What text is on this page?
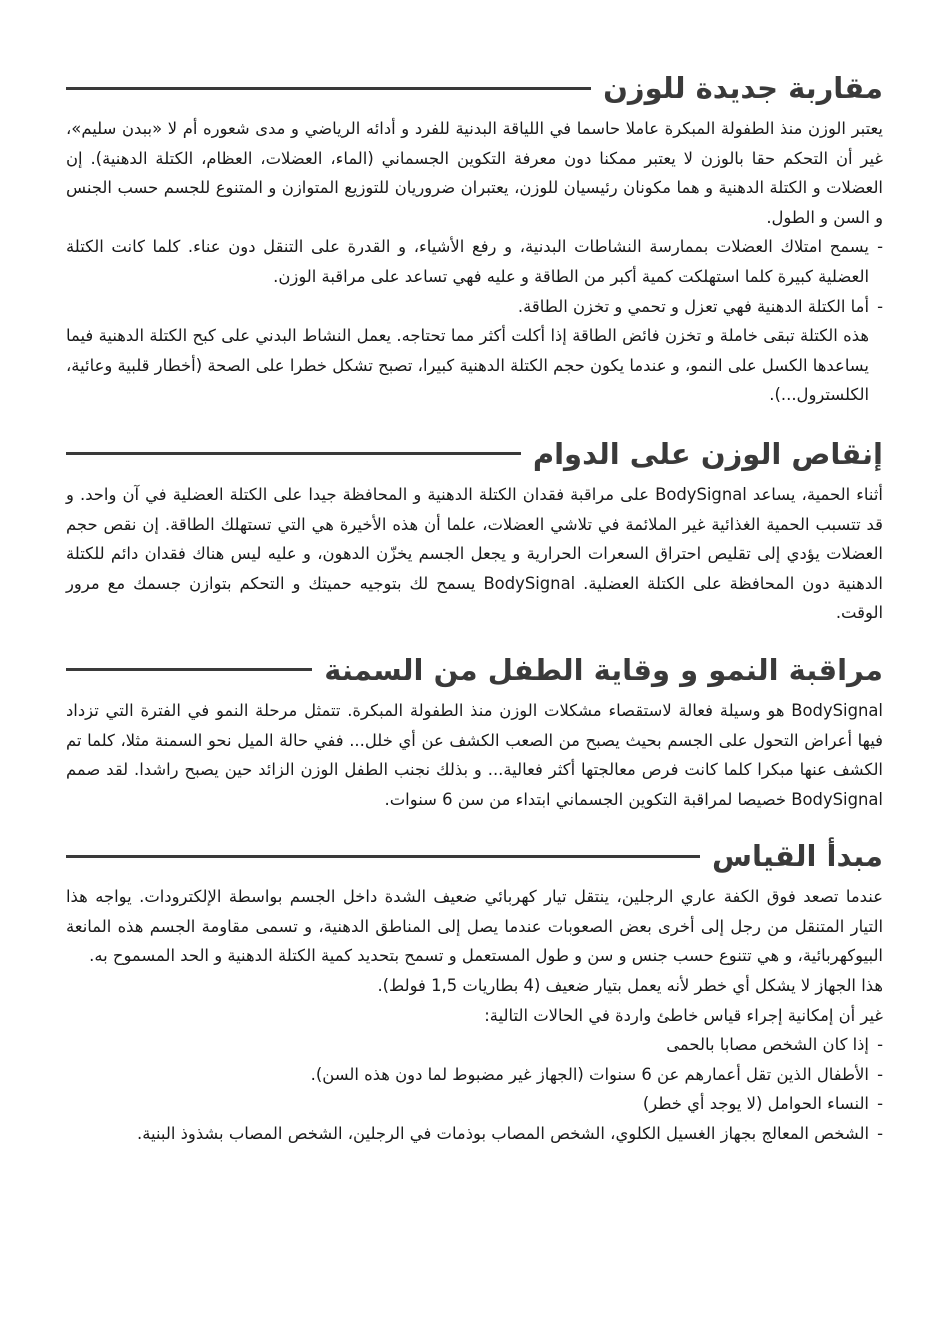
مقاربة جديدة للوزن

يعتبر الوزن منذ الطفولة المبكرة عاملا حاسما في اللياقة البدنية للفرد و أدائه الرياضي و مدى شعوره أم لا «ببدن سليم»، غير أن التحكم حقا بالوزن لا يعتبر ممكنا دون معرفة التكوين الجسماني (الماء، العضلات، العظام، الكتلة الدهنية). إن العضلات و الكتلة الدهنية و هما مكونان رئيسيان للوزن، يعتبران ضروريان للتوزيع المتوازن و المتنوع للجسم حسب الجنس و السن و الطول.

- يسمح امتلاك العضلات بممارسة النشاطات البدنية، و رفع الأشياء، و القدرة على التنقل دون عناء. كلما كانت الكتلة العضلية كبيرة كلما استهلكت كمية أكبر من الطاقة و عليه فهي تساعد على مراقبة الوزن.
- أما الكتلة الدهنية فهي تعزل و تحمي و تخزن الطاقة.

هذه الكتلة تبقى خاملة و تخزن فائض الطاقة إذا أكلت أكثر مما تحتاجه. يعمل النشاط البدني على كبح الكتلة الدهنية فيما يساعدها الكسل على النمو، و عندما يكون حجم الكتلة الدهنية كبيرا، تصبح تشكل خطرا على الصحة (أخطار قلبية وعائية، الكلسترول...).

إنقاص الوزن على الدوام

أثناء الحمية، يساعد BodySignal على مراقبة فقدان الكتلة الدهنية و المحافظة جيدا على الكتلة العضلية في آن واحد. و قد تتسبب الحمية الغذائية غير الملائمة في تلاشي العضلات، علما أن هذه الأخيرة هي التي تستهلك الطاقة. إن نقص حجم العضلات يؤدي إلى تقليص احتراق السعرات الحرارية و يجعل الجسم يخزّن الدهون، و عليه ليس هناك فقدان دائم للكتلة الدهنية دون المحافظة على الكتلة العضلية. BodySignal يسمح لك بتوجيه حميتك و التحكم بتوازن جسمك مع مرور الوقت.

مراقبة النمو و وقاية الطفل من السمنة

BodySignal هو وسيلة فعالة لاستقصاء مشكلات الوزن منذ الطفولة المبكرة. تتمثل مرحلة النمو في الفترة التي تزداد فيها أعراض التحول على الجسم بحيث يصبح من الصعب الكشف عن أي خلل... ففي حالة الميل نحو السمنة مثلا، كلما تم الكشف عنها مبكرا كلما كانت فرص معالجتها أكثر فعالية... و بذلك نجنب الطفل الوزن الزائد حين يصبح راشدا. لقد صمم BodySignal خصيصا لمراقبة التكوين الجسماني ابتداء من سن 6 سنوات.

مبدأ القياس

عندما تصعد فوق الكفة عاري الرجلين، ينتقل تيار كهربائي ضعيف الشدة داخل الجسم بواسطة الإلكترودات. يواجه هذا التيار المتنقل من رجل إلى أخرى بعض الصعوبات عندما يصل إلى المناطق الدهنية، و تسمى مقاومة الجسم هذه المانعة البيوكهربائية، و هي تتنوع حسب جنس و سن و طول المستعمل و تسمح بتحديد كمية الكتلة الدهنية و الحد المسموح به.

هذا الجهاز لا يشكل أي خطر لأنه يعمل بتيار ضعيف (4 بطاريات 1,5 فولط).

غير أن إمكانية إجراء قياس خاطئ واردة في الحالات التالية:

- إذا كان الشخص مصابا بالحمى
- الأطفال الذين تقل أعمارهم عن 6 سنوات (الجهاز غير مضبوط لما دون هذه السن).
- النساء الحوامل (لا يوجد أي خطر)
- الشخص المعالج بجهاز الغسيل الكلوي، الشخص المصاب بوذمات في الرجلين، الشخص المصاب بشذوذ البنية.
